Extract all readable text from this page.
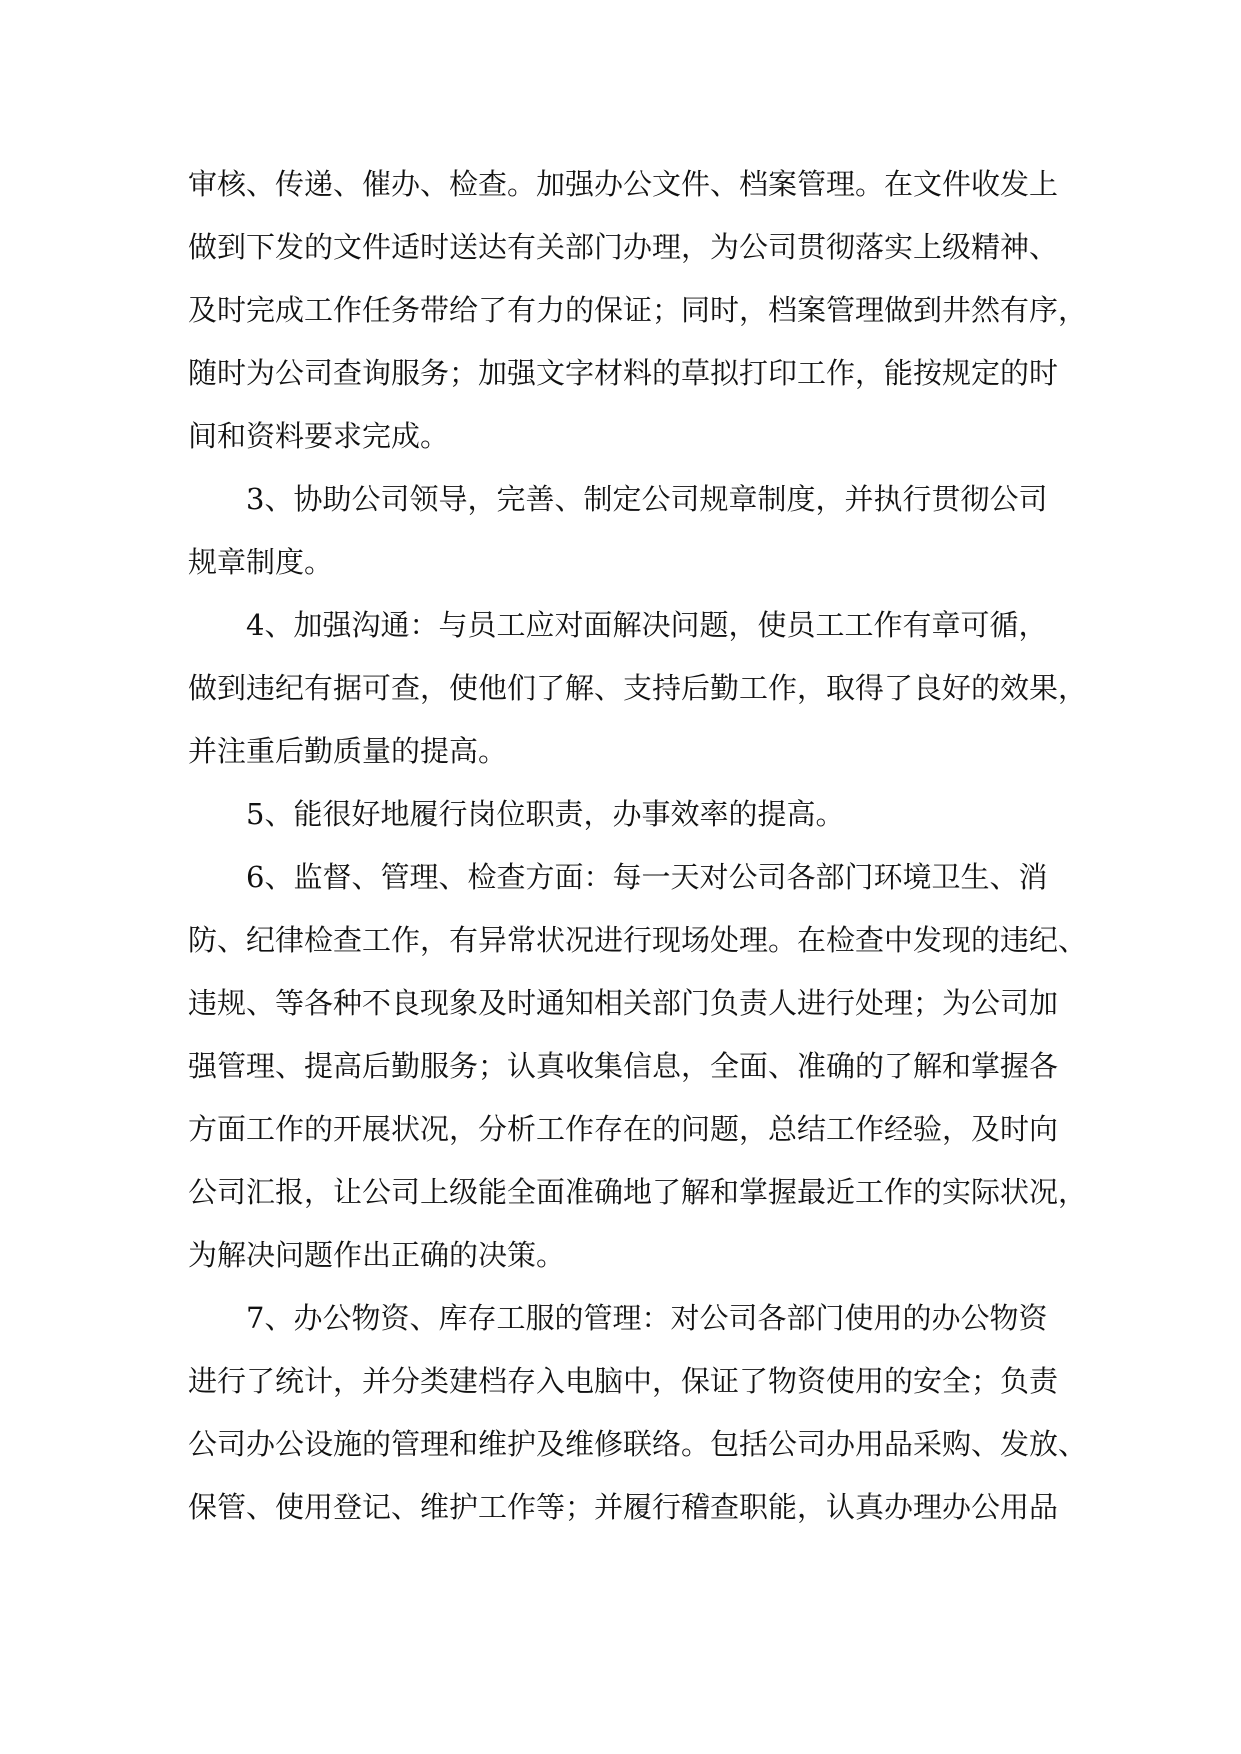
审核、传递、催办、检查。加强办公文件、档案管理。在文件收发上
做到下发的文件适时送达有关部门办理，为公司贯彻落实上级精神、
及时完成工作任务带给了有力的保证；同时，档案管理做到井然有序，
随时为公司查询服务；加强文字材料的草拟打印工作，能按规定的时
间和资料要求完成。
3、协助公司领导，完善、制定公司规章制度，并执行贯彻公司
规章制度。
4、加强沟通：与员工应对面解决问题，使员工工作有章可循，
做到违纪有据可查，使他们了解、支持后勤工作，取得了良好的效果，
并注重后勤质量的提高。
5、能很好地履行岗位职责，办事效率的提高。
6、监督、管理、检查方面：每一天对公司各部门环境卫生、消
防、纪律检查工作，有异常状况进行现场处理。在检查中发现的违纪、
违规、等各种不良现象及时通知相关部门负责人进行处理；为公司加
强管理、提高后勤服务；认真收集信息，全面、准确的了解和掌握各
方面工作的开展状况，分析工作存在的问题，总结工作经验，及时向
公司汇报，让公司上级能全面准确地了解和掌握最近工作的实际状况，
为解决问题作出正确的决策。
7、办公物资、库存工服的管理：对公司各部门使用的办公物资
进行了统计，并分类建档存入电脑中，保证了物资使用的安全；负责
公司办公设施的管理和维护及维修联络。包括公司办用品采购、发放、
保管、使用登记、维护工作等；并履行稽查职能，认真办理办公用品
